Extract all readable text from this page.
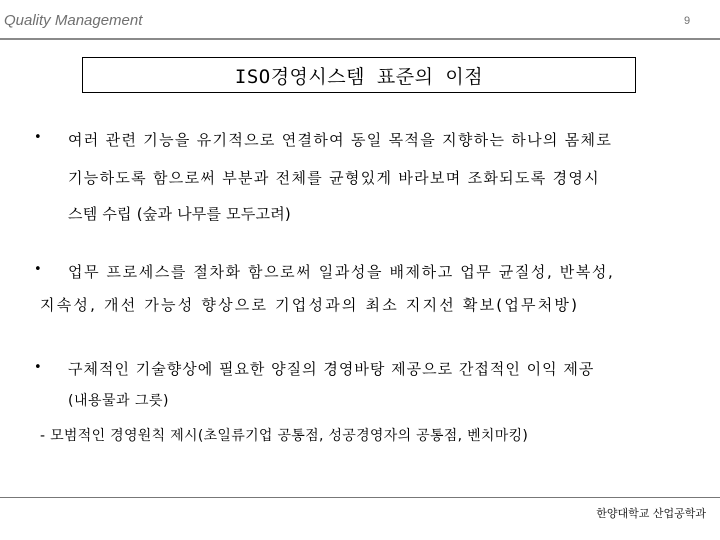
Quality Management	9
ISO경영시스템 표준의 이점
• 여러 관련 기능을 유기적으로 연결하여 동일 목적을 지향하는 하나의 몸체로
기능하도록 함으로써 부분과 전체를 균형있게 바라보며 조화되도록 경영시
스템 수립 (숲과 나무를 모두고려)
• 업무 프로세스를 절차화 함으로써 일과성을 배제하고 업무 균질성, 반복성,
지속성, 개선 가능성 향상으로 기업성과의 최소 지지선 확보(업무처방)
• 구체적인 기술향상에 필요한 양질의 경영바탕 제공으로 간접적인 이익 제공
(내용물과 그릇)
- 모범적인 경영원칙 제시(초일류기업 공통점, 성공경영자의 공통점, 벤치마킹)
한양대학교 산업공학과
